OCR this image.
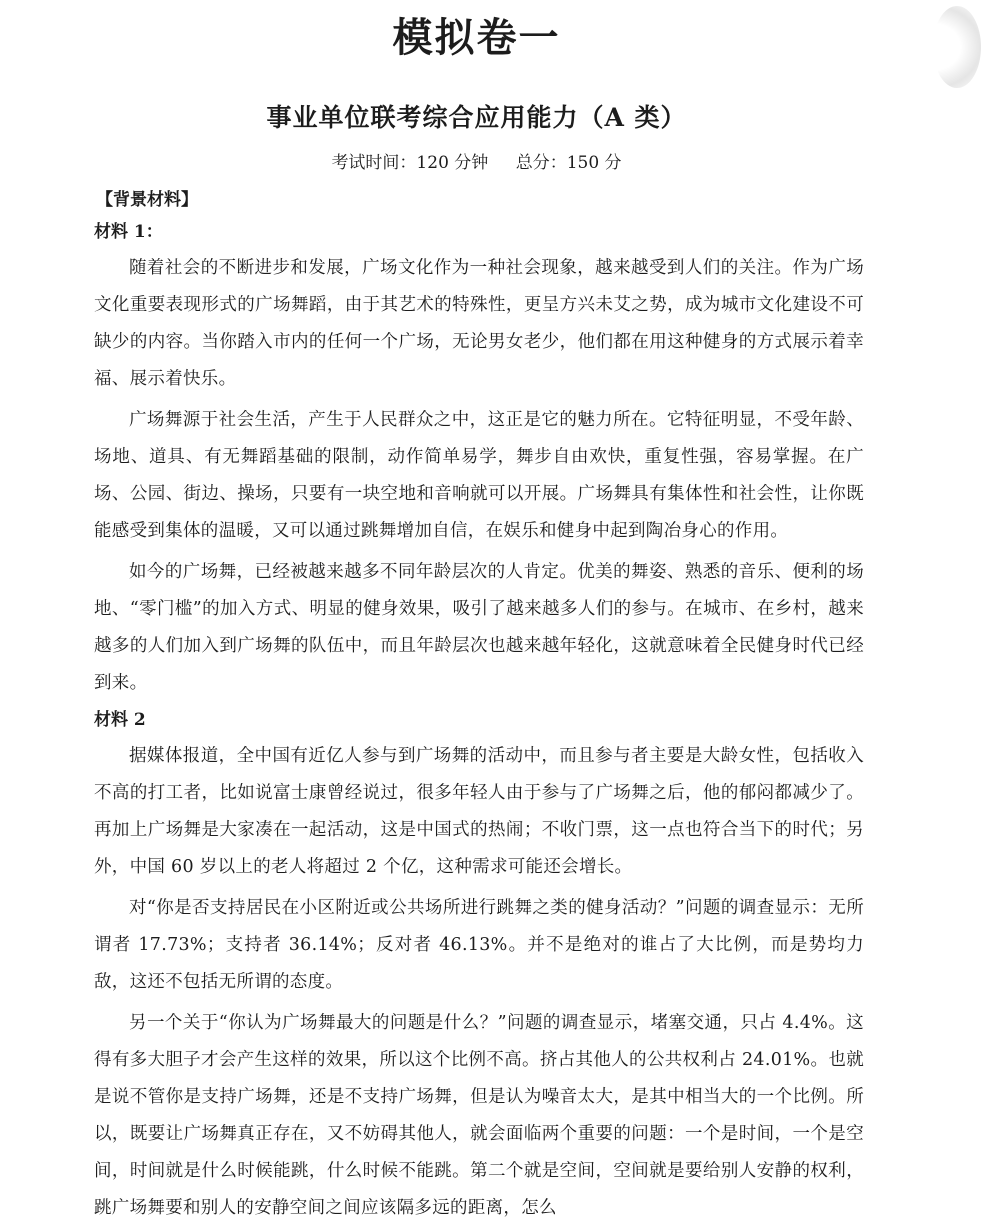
模拟卷一
事业单位联考综合应用能力（A 类）
考试时间：120 分钟 总分：150 分
【背景材料】
材料 1：

随着社会的不断进步和发展，广场文化作为一种社会现象，越来越受到人们的关注。作为广场文化重要表现形式的广场舞蹈，由于其艺术的特殊性，更呈方兴未艾之势，成为城市文化建设不可缺少的内容。当你踏入市内的任何一个广场，无论男女老少，他们都在用这种健身的方式展示着幸福、展示着快乐。

广场舞源于社会生活，产生于人民群众之中，这正是它的魅力所在。它特征明显，不受年龄、场地、道具、有无舞蹈基础的限制，动作简单易学，舞步自由欢快，重复性强，容易掌握。在广场、公园、街边、操场，只要有一块空地和音响就可以开展。广场舞具有集体性和社会性，让你既能感受到集体的温暖，又可以通过跳舞增加自信，在娱乐和健身中起到陶冶身心的作用。

如今的广场舞，已经被越来越多不同年龄层次的人肯定。优美的舞姿、熟悉的音乐、便利的场地、“零门槛”的加入方式、明显的健身效果，吸引了越来越多人们的参与。在城市、在乡村，越来越多的人们加入到广场舞的队伍中，而且年龄层次也越来越年轻化，这就意味着全民健身时代已经到来。

材料 2

据媒体报道，全中国有近亿人参与到广场舞的活动中，而且参与者主要是大龄女性，包括收入不高的打工者，比如说富士康曾经说过，很多年轻人由于参与了广场舞之后，他的郁闷都减少了。再加上广场舞是大家凑在一起活动，这是中国式的热闹；不收门票，这一点也符合当下的时代；另外，中国 60 岁以上的老人将超过 2 个亿，这种需求可能还会增长。

对“你是否支持居民在小区附近或公共场所进行跳舞之类的健身活动？”问题的调查显示：无所谓者 17.73%；支持者 36.14%；反对者 46.13%。并不是绝对的谁占了大比例，而是势均力敌，这还不包括无所谓的态度。

另一个关于“你认为广场舞最大的问题是什么？”问题的调查显示，堵塞交通，只占 4.4%。这得有多大胆子才会产生这样的效果，所以这个比例不高。挤占其他人的公共权利占 24.01%。也就是说不管你是支持广场舞，还是不支持广场舞，但是认为噪音太大，是其中相当大的一个比例。所以，既要让广场舞真正存在，又不妨碍其他人，就会面临两个重要的问题：一个是时间，一个是空间，时间就是什么时候能跳，什么时候不能跳。第二个就是空间，空间就是要给别人安静的权利，跳广场舞要和别人的安静空间之间应该隔多远的距离，怎么
